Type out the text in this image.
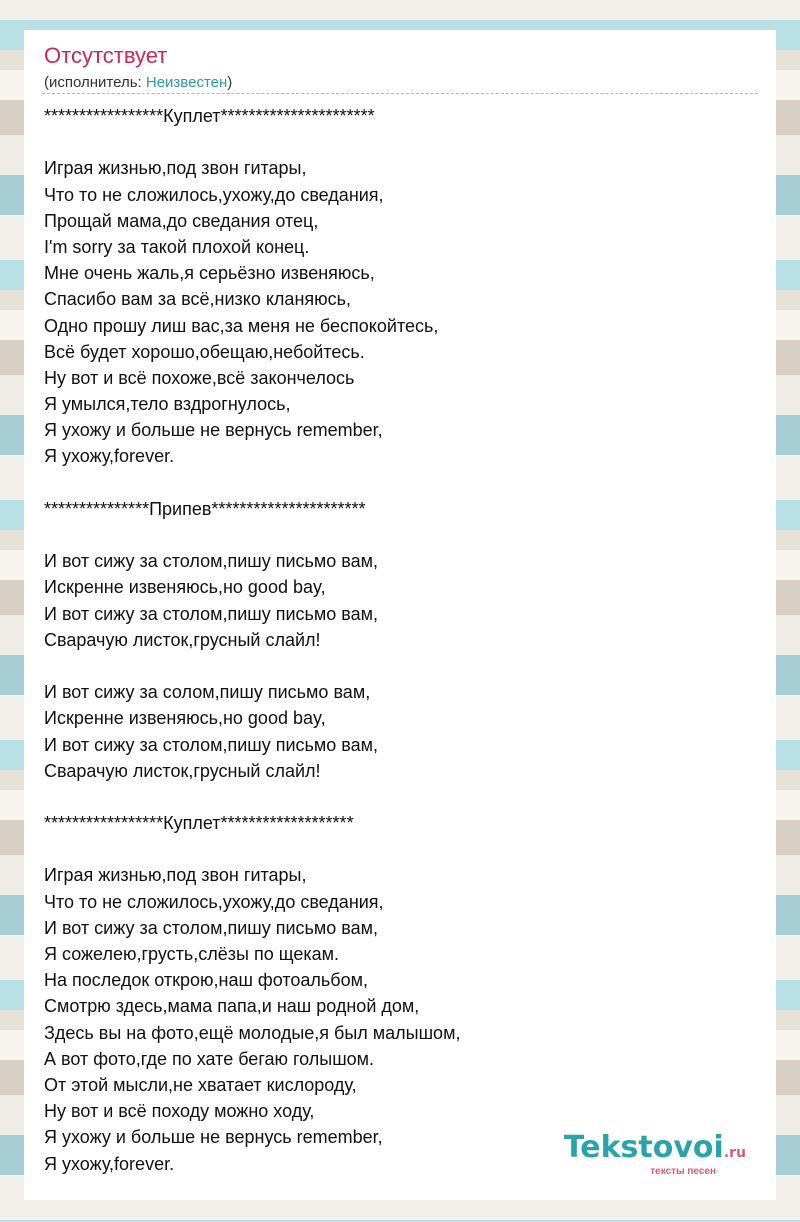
Отсутствует
(исполнитель: Неизвестен)
*****************Куплет**********************
Играя жизнью,под звон гитары,
Что то не сложилось,ухожу,до сведания,
Прощай мама,до сведания отец,
I'm sorry за такой плохой конец.
Мне очень жаль,я серьёзно извеняюсь,
Спасибо вам за всё,низко кланяюсь,
Одно прошу лиш вас,за меня не беспокойтесь,
Всё будет хорошо,обещаю,небойтесь.
Ну вот и всё похоже,всё закончелось
Я умылся,тело вздрогнулось,
Я ухожу и больше не вернусь remember,
Я ухожу,forever.
***************Припев**********************
И вот сижу за столом,пишу письмо вам,
Искренне извеняюсь,но good bay,
И вот сижу за столом,пишу письмо вам,
Сварачую листок,грусный слайл!
И вот сижу за солом,пишу письмо вам,
Искренне извеняюсь,но good bay,
И вот сижу за столом,пишу письмо вам,
Сварачую листок,грусный слайл!
*****************Куплет*******************
Играя жизнью,под звон гитары,
Что то не сложилось,ухожу,до сведания,
И вот сижу за столом,пишу письмо вам,
Я сожелею,грусть,слёзы по щекам.
На последок открою,наш фотоальбом,
Смотрю здесь,мама папа,и наш родной дом,
Здесь вы на фото,ещё молодые,я был малышом,
А вот фото,где по хате бегаю голышом.
От этой мысли,не хватает кислороду,
Ну вот и всё походу можно ходу,
Я ухожу и больше не вернусь remember,
Я ухожу,forever.	Tekstovoi.ru
тексты песен
